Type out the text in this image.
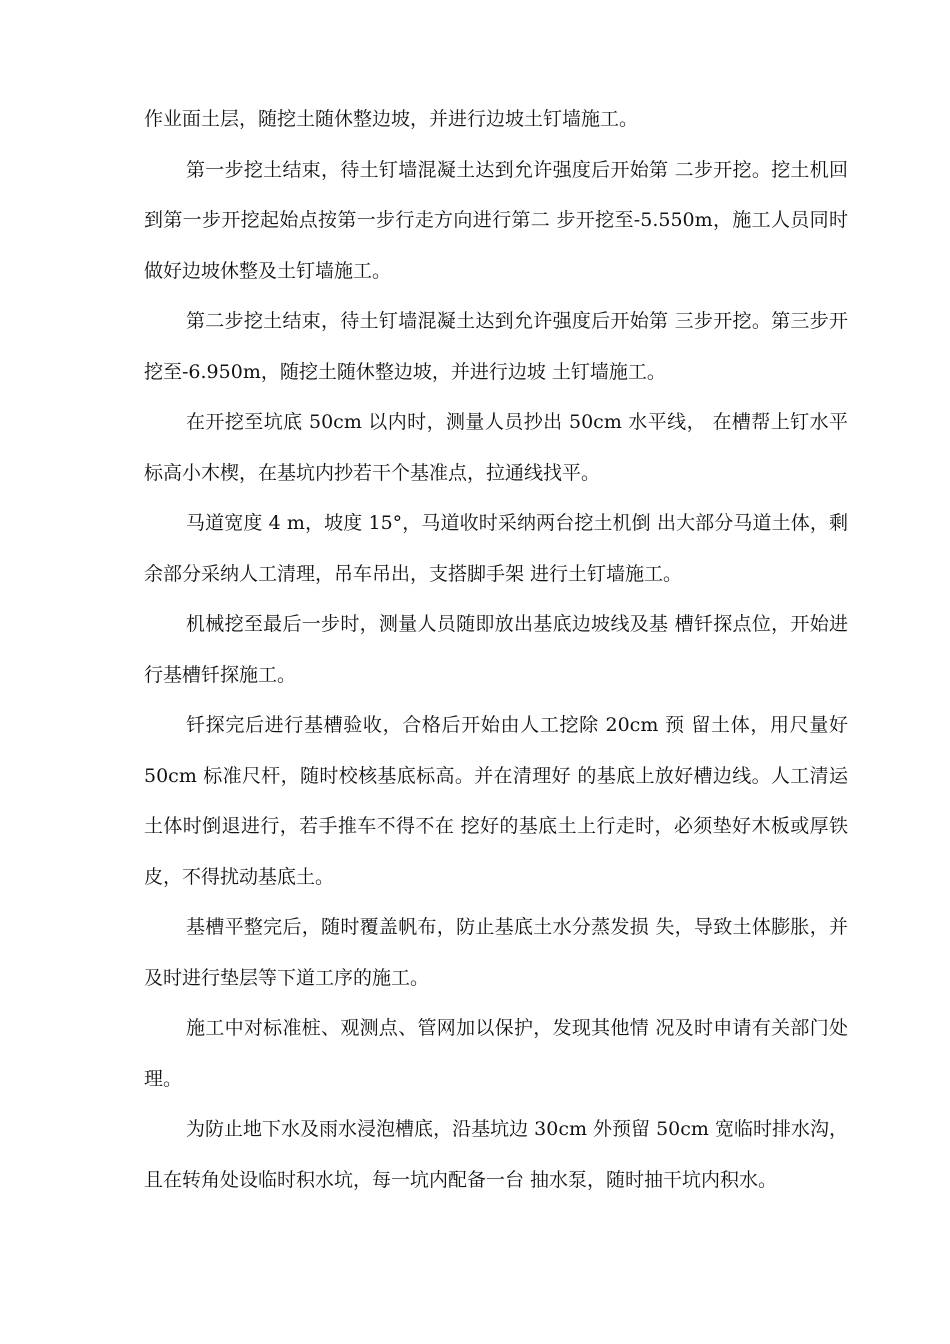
作业面土层，随挖土随休整边坡，并进行边坡土钉墙施工。

第一步挖土结束，待土钉墙混凝土达到允许强度后开始第 二步开挖。挖土机回到第一步开挖起始点按第一步行走方向进行第二 步开挖至-5.550m，施工人员同时做好边坡休整及土钉墙施工。

第二步挖土结束，待土钉墙混凝土达到允许强度后开始第 三步开挖。第三步开挖至-6.950m，随挖土随休整边坡，并进行边坡 土钉墙施工。

在开挖至坑底 50cm 以内时，测量人员抄出 50cm 水平线， 在槽帮上钉水平标高小木楔，在基坑内抄若干个基准点，拉通线找平。

马道宽度 4 m，坡度 15°，马道收时采纳两台挖土机倒 出大部分马道土体，剩余部分采纳人工清理，吊车吊出，支搭脚手架 进行土钉墙施工。

机械挖至最后一步时，测量人员随即放出基底边坡线及基 槽钎探点位，开始进行基槽钎探施工。

钎探完后进行基槽验收，合格后开始由人工挖除 20cm 预 留土体，用尺量好 50cm 标准尺杆，随时校核基底标高。并在清理好 的基底上放好槽边线。人工清运土体时倒退进行，若手推车不得不在 挖好的基底土上行走时，必须垫好木板或厚铁皮，不得扰动基底土。

基槽平整完后，随时覆盖帆布，防止基底土水分蒸发损 失，导致土体膨胀，并及时进行垫层等下道工序的施工。

施工中对标准桩、观测点、管网加以保护，发现其他情 况及时申请有关部门处理。

为防止地下水及雨水浸泡槽底，沿基坑边 30cm 外预留 50cm 宽临时排水沟，且在转角处设临时积水坑，每一坑内配备一台 抽水泵，随时抽干坑内积水。
